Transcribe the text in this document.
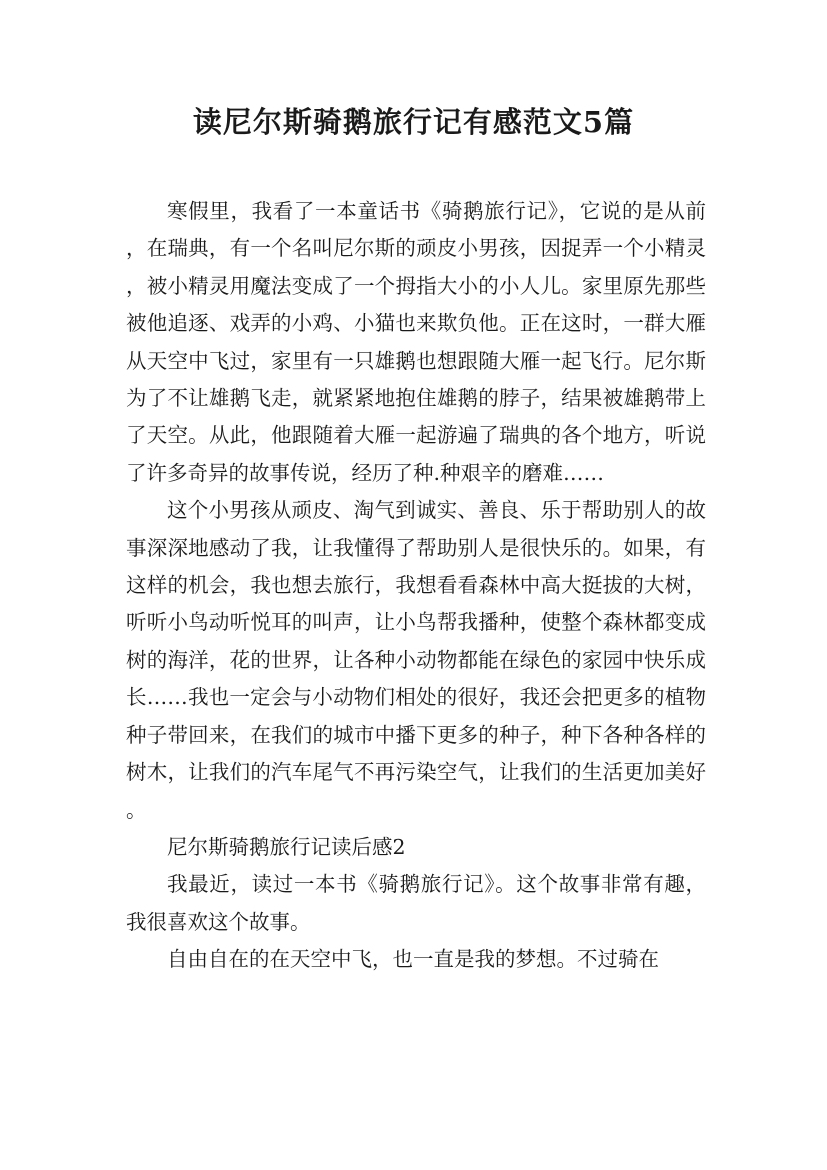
读尼尔斯骑鹅旅行记有感范文5篇

寒假里，我看了一本童话书《骑鹅旅行记》，它说的是从前，在瑞典，有一个名叫尼尔斯的顽皮小男孩，因捉弄一个小精灵，被小精灵用魔法变成了一个拇指大小的小人儿。家里原先那些被他追逐、戏弄的小鸡、小猫也来欺负他。正在这时，一群大雁从天空中飞过，家里有一只雄鹅也想跟随大雁一起飞行。尼尔斯为了不让雄鹅飞走，就紧紧地抱住雄鹅的脖子，结果被雄鹅带上了天空。从此，他跟随着大雁一起游遍了瑞典的各个地方，听说了许多奇异的故事传说，经历了种.种艰辛的磨难……

这个小男孩从顽皮、淘气到诚实、善良、乐于帮助别人的故事深深地感动了我，让我懂得了帮助别人是很快乐的。如果，有这样的机会，我也想去旅行，我想看看森林中高大挺拔的大树，听听小鸟动听悦耳的叫声，让小鸟帮我播种，使整个森林都变成树的海洋，花的世界，让各种小动物都能在绿色的家园中快乐成长……我也一定会与小动物们相处的很好，我还会把更多的植物种子带回来，在我们的城市中播下更多的种子，种下各种各样的树木，让我们的汽车尾气不再污染空气，让我们的生活更加美好。

尼尔斯骑鹅旅行记读后感2

我最近，读过一本书《骑鹅旅行记》。这个故事非常有趣，我很喜欢这个故事。

自由自在的在天空中飞，也一直是我的梦想。不过骑在
